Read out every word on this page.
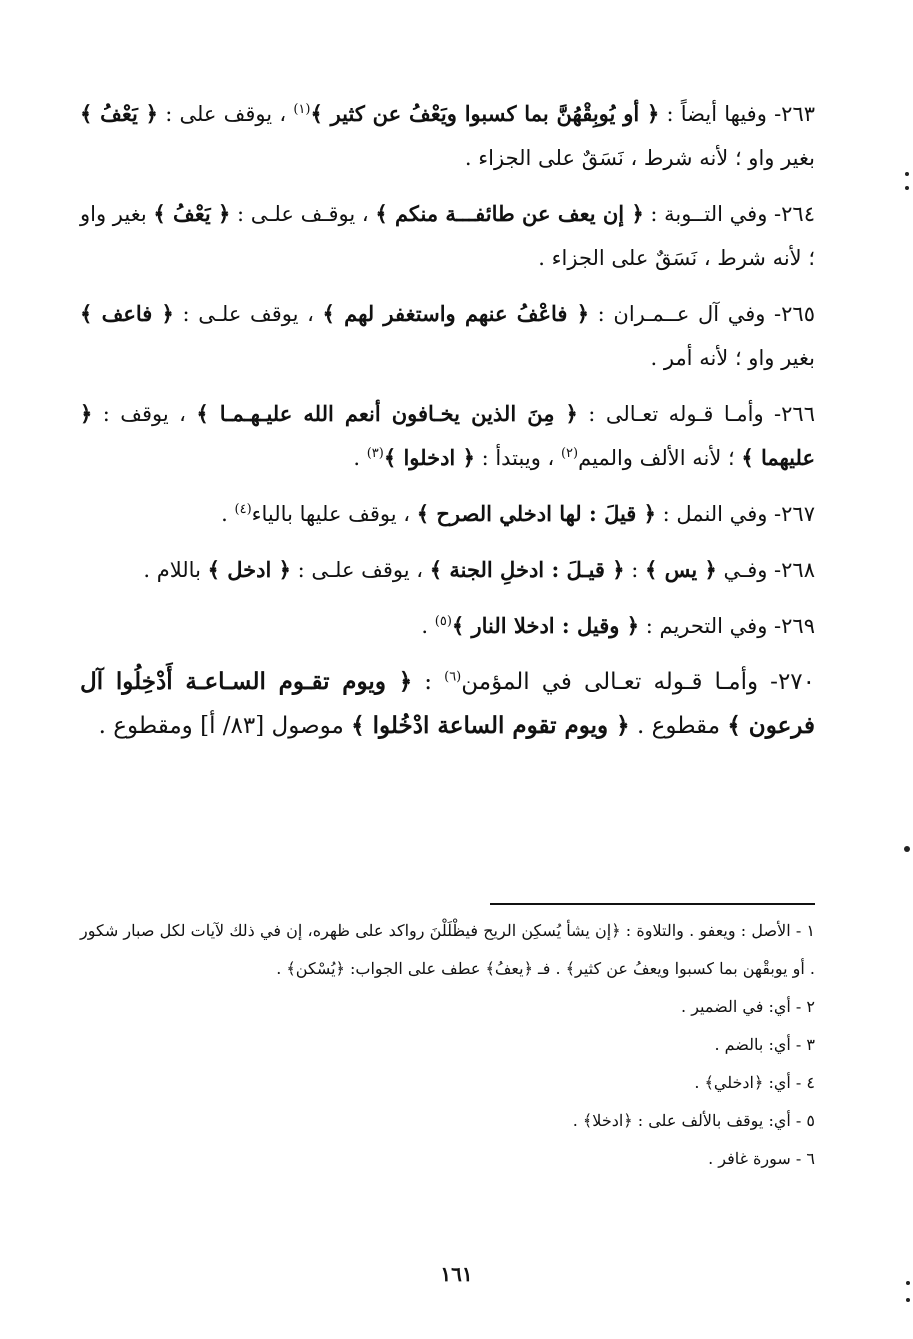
٢٦٣- وفيها أيضاً : ﴿ أو يُوبِقْهُنَّ بما كسبوا ويَعْفُ عن كثير ﴾$^{(١)}$ ، يوقف على : ﴿ يَعْفُ ﴾ بغير واو ؛ لأنه شرط ، نَسَقٌ على الجزاء .

٢٦٤- وفي التــوبة : ﴿ إن يعف عن طائفـــة منكم ﴾ ، يوقـف علـى : ﴿ يَعْفُ ﴾ بغير واو ؛ لأنه شرط ، نَسَقٌ على الجزاء .

٢٦٥- وفي آل عــمـران : ﴿ فاعْفُ عنهم واستغفر لهم ﴾ ، يوقف علـى : ﴿ فاعف ﴾ بغير واو ؛ لأنه أمر .

٢٦٦- وأمـا قـوله تعـالى : ﴿ مِنَ الذين يخـافون أنعم الله عليـهـمـا ﴾ ، يوقف : ﴿ عليهما ﴾ ؛ لأنه الألف والميم$^{(٢)}$ ، ويبتدأ : ﴿ ادخلوا ﴾$^{(٣)}$ .

٢٦٧- وفي النمل : ﴿ قيلَ : لها ادخلي الصرح ﴾ ، يوقف عليها بالياء$^{(٤)}$ .

٢٦٨- وفـي ﴿ يس ﴾ : ﴿ قيـلَ : ادخلِ الجنة ﴾ ، يوقف علـى : ﴿ ادخل ﴾ باللام .

٢٦٩- وفي التحريم : ﴿ وقيل : ادخلا النار ﴾$^{(٥)}$ .

٢٧٠- وأمـا قـوله تعـالى في المؤمن$^{(٦)}$ : ﴿ ويوم تقـوم السـاعـة أَدْخِلُوا آل فرعون ﴾ مقطوع . ﴿ ويوم تقوم الساعة ادْخُلوا ﴾ موصول [٨٣/ أ] ومقطوع .

١ - الأصل : ويعفو . والتلاوة : ﴿إن يشأ يُسكِن الريح فيظْلَلْنَ رواكد على ظهره، إن في ذلك لآيات لكل صبار شكور . أو يوبقْهن بما كسبوا ويعفُ عن كثير﴾ . فـ ﴿يعفُ﴾ عطف على الجواب: ﴿يُسْكن﴾ .

٢ - أي: في الضمير .

٣ - أي: بالضم .

٤ - أي: ﴿ادخلي﴾ .

٥ - أي: يوقف بالألف على : ﴿ادخلا﴾ .

٦ - سورة غافر .

١٦١
